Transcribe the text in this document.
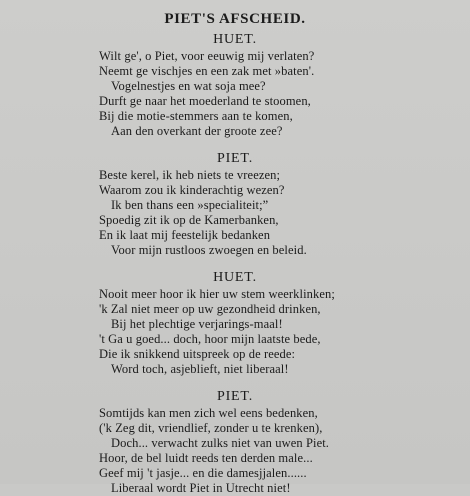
PIET'S AFSCHEID.
HUET.
Wilt ge', o Piet, voor eeuwig mij verlaten?
Neemt ge vischjes en een zak met »baten'.
Vogelnestjes en wat soja mee?
Durft ge naar het moederland te stoomen,
Bij die motie-stemmers aan te komen,
Aan den overkant der groote zee?
PIET.
Beste kerel, ik heb niets te vreezen;
Waarom zou ik kinderachtig wezen?
Ik ben thans een »specialiteit;”
Spoedig zit ik op de Kamerbanken,
En ik laat mij feestelijk bedanken
Voor mijn rustloos zwoegen en beleid.
HUET.
Nooit meer hoor ik hier uw stem weerklinken;
'k Zal niet meer op uw gezondheid drinken,
Bij het plechtige verjarings-maal!
't Ga u goed... doch, hoor mijn laatste bede,
Die ik snikkend uitspreek op de reede:
Word toch, asjeblieft, niet liberaal!
PIET.
Somtijds kan men zich wel eens bedenken,
('k Zeg dit, vriendlief, zonder u te krenken),
Doch... verwacht zulks niet van uwen Piet.
Hoor, de bel luidt reeds ten derden male...
Geef mij 't jasje... en die damesjjalen......
Liberaal wordt Piet in Utrecht niet!
